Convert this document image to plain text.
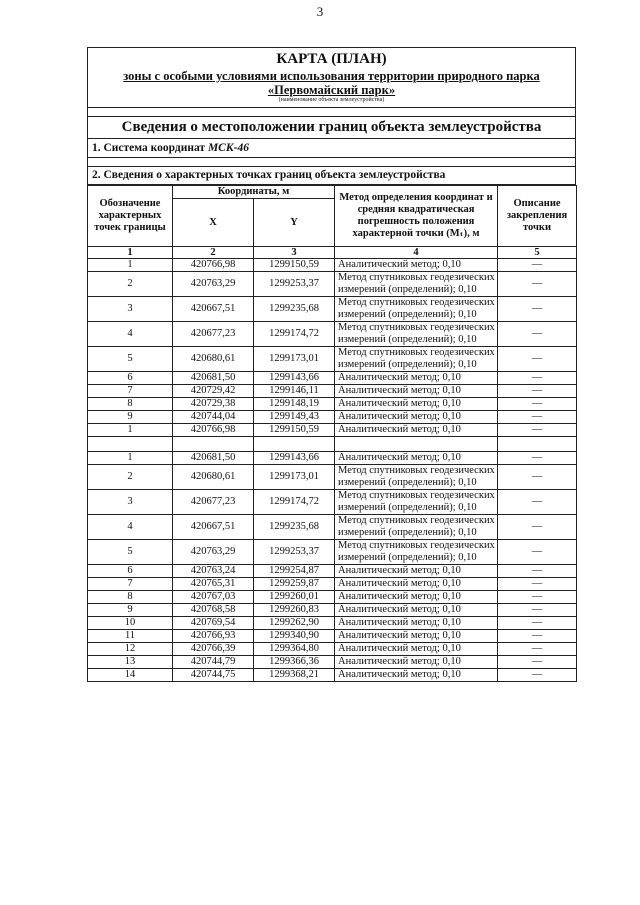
3
КАРТА (ПЛАН)
зоны с особыми условиями использования территории природного парка
«Первомайский парк»
(наименование объекта землеустройства)
Сведения о местоположении границ объекта землеустройства
1. Система координат МСК-46
2. Сведения о характерных точках границ объекта землеустройства
Обозначение характерных точек границы	Координаты, м		Метод определения координат и средняя квадратическая погрешность положения характерной точки (Mₜ), м	Описание закрепления точки
	X	Y		
1	2	3	4	5
1	420766,98	1299150,59	Аналитический метод; 0,10	—
2	420763,29	1299253,37	Метод спутниковых геодезических измерений (определений); 0,10	—
3	420667,51	1299235,68	Метод спутниковых геодезических измерений (определений); 0,10	—
4	420677,23	1299174,72	Метод спутниковых геодезических измерений (определений); 0,10	—
5	420680,61	1299173,01	Метод спутниковых геодезических измерений (определений); 0,10	—
6	420681,50	1299143,66	Аналитический метод; 0,10	—
7	420729,42	1299146,11	Аналитический метод; 0,10	—
8	420729,38	1299148,19	Аналитический метод; 0,10	—
9	420744,04	1299149,43	Аналитический метод; 0,10	—
1	420766,98	1299150,59	Аналитический метод; 0,10	—

1	420681,50	1299143,66	Аналитический метод; 0,10	—
2	420680,61	1299173,01	Метод спутниковых геодезических измерений (определений); 0,10	—
3	420677,23	1299174,72	Метод спутниковых геодезических измерений (определений); 0,10	—
4	420667,51	1299235,68	Метод спутниковых геодезических измерений (определений); 0,10	—
5	420763,29	1299253,37	Метод спутниковых геодезических измерений (определений); 0,10	—
6	420763,24	1299254,87	Аналитический метод; 0,10	—
7	420765,31	1299259,87	Аналитический метод; 0,10	—
8	420767,03	1299260,01	Аналитический метод; 0,10	—
9	420768,58	1299260,83	Аналитический метод; 0,10	—
10	420769,54	1299262,90	Аналитический метод; 0,10	—
11	420766,93	1299340,90	Аналитический метод; 0,10	—
12	420766,39	1299364,80	Аналитический метод; 0,10	—
13	420744,79	1299366,36	Аналитический метод; 0,10	—
14	420744,75	1299368,21	Аналитический метод; 0,10	—
